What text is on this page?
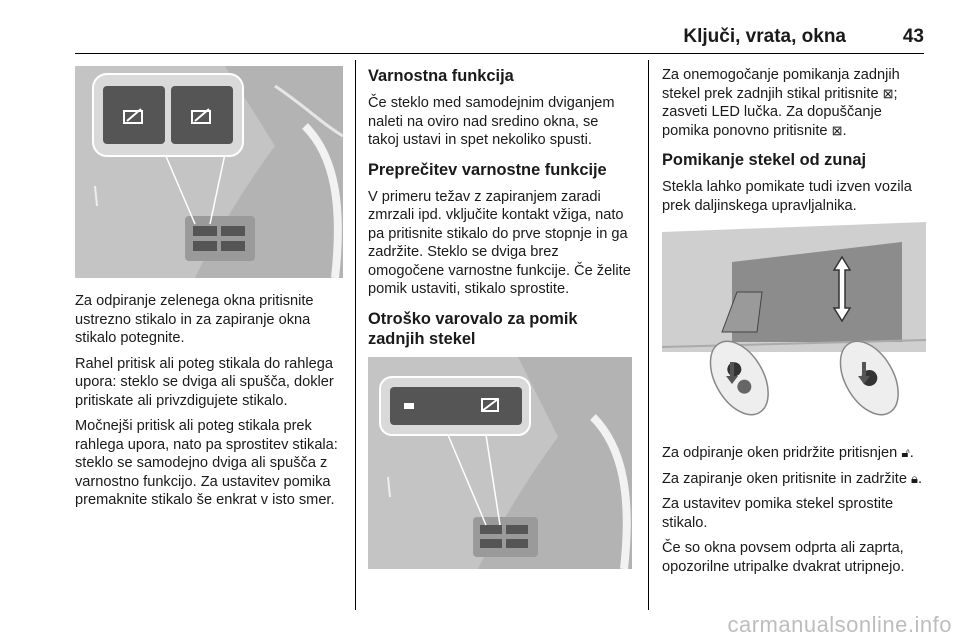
Ključi, vrata, okna	43

Za odpiranje zelenega okna pritisnite ustrezno stikalo in za zapiranje okna stikalo potegnite.

Rahel pritisk ali poteg stikala do rahlega upora: steklo se dviga ali spušča, dokler pritiskate ali privzdigujete stikalo.

Močnejši pritisk ali poteg stikala prek rahlega upora, nato pa sprostitev stikala: steklo se samodejno dviga ali spušča z varnostno funkcijo. Za ustavitev pomika premaknite stikalo še enkrat v isto smer.

Varnostna funkcija

Če steklo med samodejnim dviganjem naleti na oviro nad sredino okna, se takoj ustavi in spet nekoliko spusti.

Preprečitev varnostne funkcije

V primeru težav z zapiranjem zaradi zmrzali ipd. vključite kontakt vžiga, nato pa pritisnite stikalo do prve stopnje in ga zadržite. Steklo se dviga brez omogočene varnostne funkcije. Če želite pomik ustaviti, stikalo sprostite.

Otroško varovalo za pomik zadnjih stekel

Za onemogočanje pomikanja zadnjih stekel prek zadnjih stikal pritisnite ⊠; zasveti LED lučka. Za dopuščanje pomika ponovno pritisnite ⊠.

Pomikanje stekel od zunaj

Stekla lahko pomikate tudi izven vozila prek daljinskega upravljalnika.

Za odpiranje oken pridržite pritisnjen 🔓︎.

Za zapiranje oken pritisnite in zadržite 🔒︎.

Za ustavitev pomika stekel sprostite stikalo.

Če so okna povsem odprta ali zaprta, opozorilne utripalke dvakrat utripnejo.

carmanualsonline.info
